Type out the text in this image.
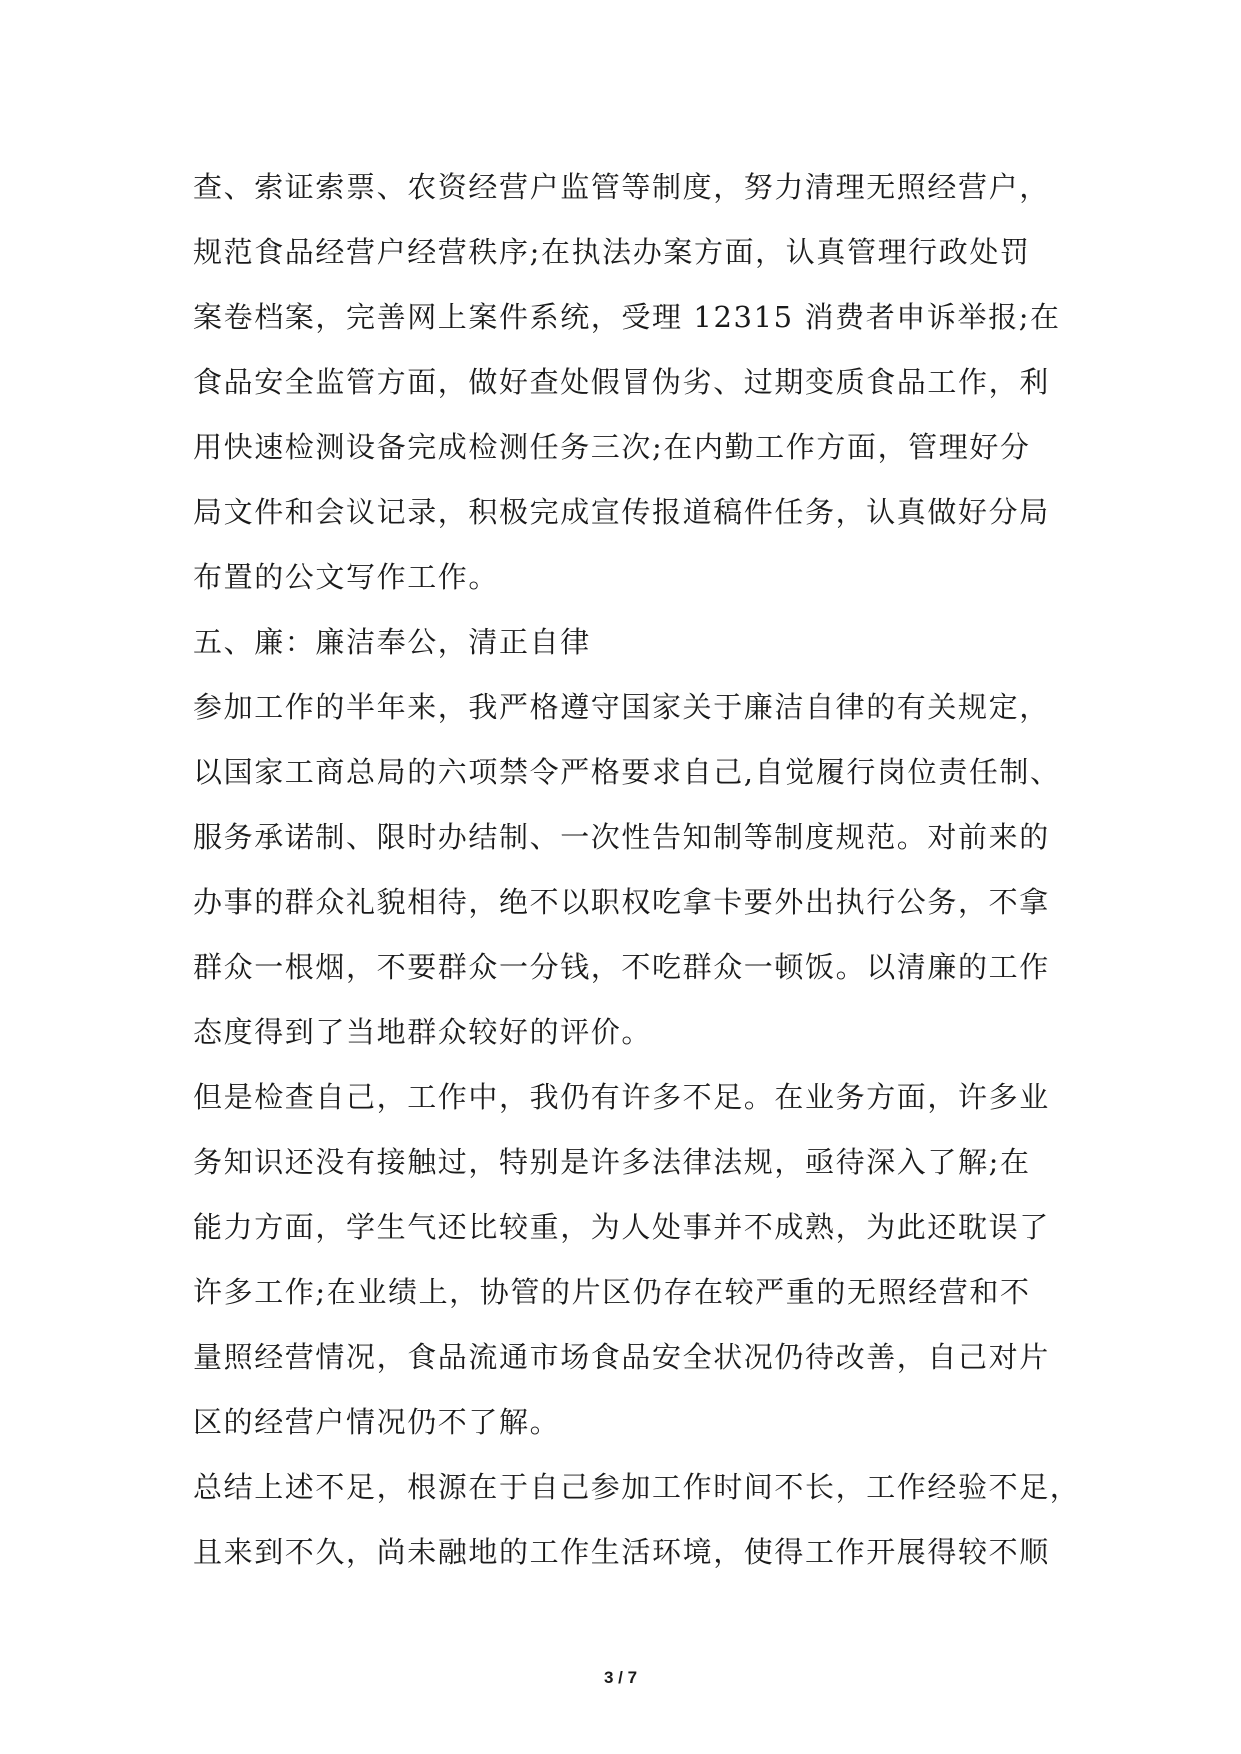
查、索证索票、农资经营户监管等制度，努力清理无照经营户，
规范食品经营户经营秩序;在执法办案方面，认真管理行政处罚
案卷档案，完善网上案件系统，受理 12315 消费者申诉举报;在
食品安全监管方面，做好查处假冒伪劣、过期变质食品工作，利
用快速检测设备完成检测任务三次;在内勤工作方面，管理好分
局文件和会议记录，积极完成宣传报道稿件任务，认真做好分局
布置的公文写作工作。
五、廉：廉洁奉公，清正自律
参加工作的半年来，我严格遵守国家关于廉洁自律的有关规定，
以国家工商总局的六项禁令严格要求自己,自觉履行岗位责任制、
服务承诺制、限时办结制、一次性告知制等制度规范。对前来的
办事的群众礼貌相待，绝不以职权吃拿卡要外出执行公务，不拿
群众一根烟，不要群众一分钱，不吃群众一顿饭。以清廉的工作
态度得到了当地群众较好的评价。
但是检查自己，工作中，我仍有许多不足。在业务方面，许多业
务知识还没有接触过，特别是许多法律法规，亟待深入了解;在
能力方面，学生气还比较重，为人处事并不成熟，为此还耽误了
许多工作;在业绩上，协管的片区仍存在较严重的无照经营和不
量照经营情况，食品流通市场食品安全状况仍待改善，自己对片
区的经营户情况仍不了解。
总结上述不足，根源在于自己参加工作时间不长，工作经验不足，
且来到不久，尚未融地的工作生活环境，使得工作开展得较不顺
3 / 7
